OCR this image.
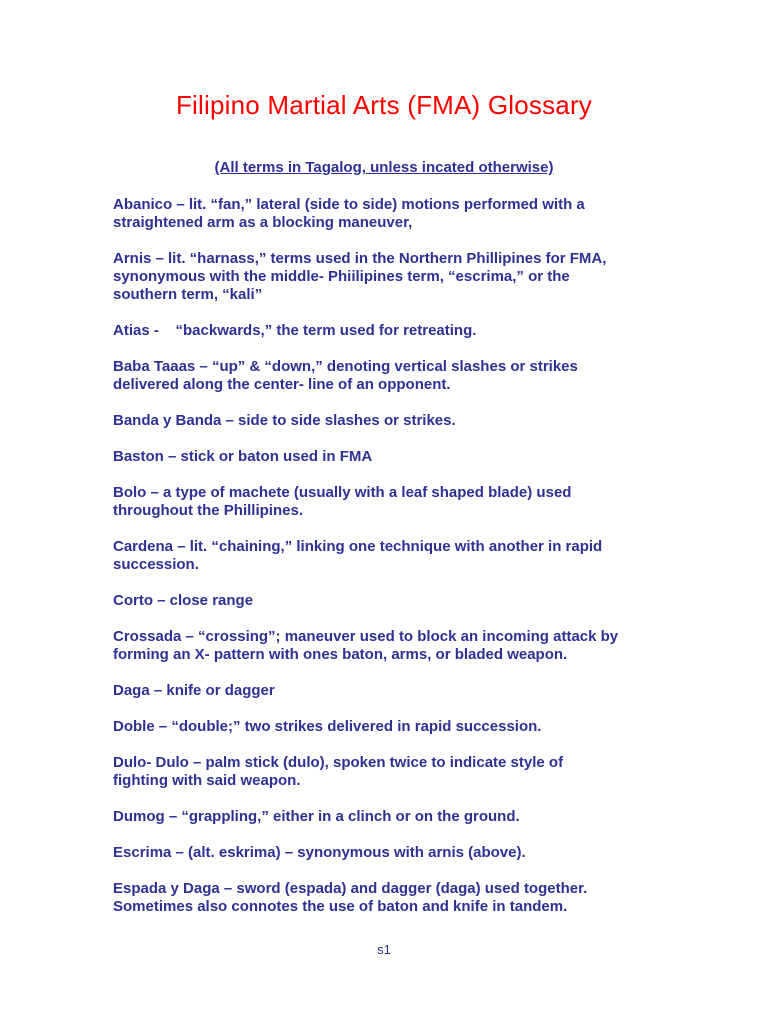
Filipino Martial Arts (FMA) Glossary

(All terms in Tagalog, unless incated otherwise)

Abanico – lit. “fan,” lateral (side to side) motions performed with a
straightened arm as a blocking maneuver,
Arnis – lit. “harnass,” terms used in the Northern Phillipines for FMA,
synonymous with the middle- Phiilipines term, “escrima,” or the
southern term, “kali”
Atias -    “backwards,” the term used for retreating.
Baba Taaas – “up” & “down,” denoting vertical slashes or strikes
delivered along the center- line of an opponent.
Banda y Banda – side to side slashes or strikes.
Baston – stick or baton used in FMA
Bolo – a type of machete (usually with a leaf shaped blade) used
throughout the Phillipines.
Cardena – lit. “chaining,” linking one technique with another in rapid
succession.
Corto – close range
Crossada – “crossing”; maneuver used to block an incoming attack by
forming an X- pattern with ones baton, arms, or bladed weapon.
Daga – knife or dagger
Doble – “double;” two strikes delivered in rapid succession.
Dulo- Dulo – palm stick (dulo), spoken twice to indicate style of
fighting with said weapon.
Dumog – “grappling,” either in a clinch or on the ground.
Escrima – (alt. eskrima) – synonymous with arnis (above).
Espada y Daga – sword (espada) and dagger (daga) used together.
Sometimes also connotes the use of baton and knife in tandem.
s1
